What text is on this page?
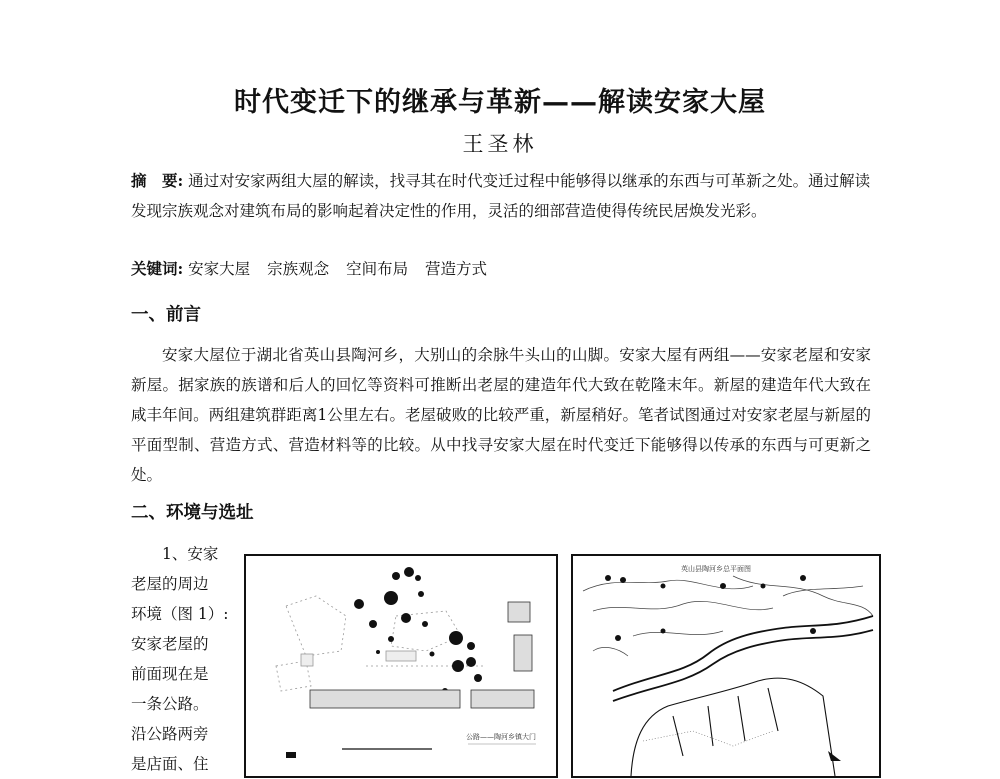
时代变迁下的继承与革新——解读安家大屋
王圣林
摘　要: 通过对安家两组大屋的解读，找寻其在时代变迁过程中能够得以继承的东西与可革新之处。通过解读发现宗族观念对建筑布局的影响起着决定性的作用，灵活的细部营造使得传统民居焕发光彩。
关键词: 安家大屋 宗族观念 空间布局 营造方式
一、前言
安家大屋位于湖北省英山县陶河乡，大别山的余脉牛头山的山脚。安家大屋有两组——安家老屋和安家新屋。据家族的族谱和后人的回忆等资料可推断出老屋的建造年代大致在乾隆末年。新屋的建造年代大致在咸丰年间。两组建筑群距离1公里左右。老屋破败的比较严重，新屋稍好。笔者试图通过对安家老屋与新屋的平面型制、营造方式、营造材料等的比较。从中找寻安家大屋在时代变迁下能够得以传承的东西与可更新之处。
二、环境与选址
1、安家
老屋的周边
环境（图 1）:
安家老屋的
前面现在是
一条公路。
沿公路两旁
是店面、住
公路——陶河乡镇大门
英山县陶河乡总平面图
